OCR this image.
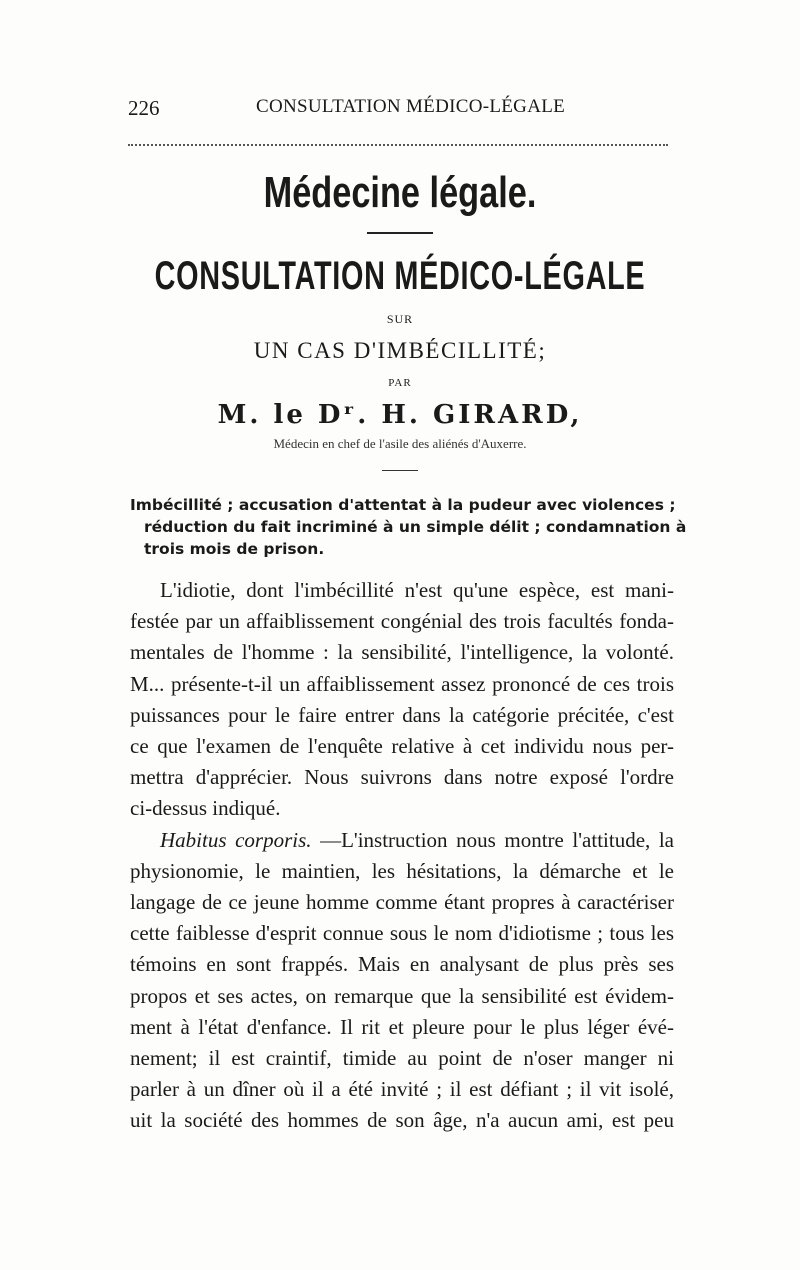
226	CONSULTATION MÉDICO-LÉGALE
Médecine légale.
CONSULTATION MÉDICO-LÉGALE
SUR
UN CAS D'IMBÉCILLITÉ;
PAR
M. le Dʳ. H. GIRARD,
Médecin en chef de l'asile des aliénés d'Auxerre.
Imbécillité ; accusation d'attentat à la pudeur avec violences ;
réduction du fait incriminé à un simple délit ; condamnation à
trois mois de prison.
L'idiotie, dont l'imbécillité n'est qu'une espèce, est mani-
festée par un affaiblissement congénial des trois facultés fonda-
mentales de l'homme : la sensibilité, l'intelligence, la volonté.
M... présente-t-il un affaiblissement assez prononcé de ces trois
puissances pour le faire entrer dans la catégorie précitée, c'est
ce que l'examen de l'enquête relative à cet individu nous per-
mettra d'apprécier. Nous suivrons dans notre exposé l'ordre
ci-dessus indiqué.
Habitus corporis. —L'instruction nous montre l'attitude, la
physionomie, le maintien, les hésitations, la démarche et le
langage de ce jeune homme comme étant propres à caractériser
cette faiblesse d'esprit connue sous le nom d'idiotisme ; tous les
témoins en sont frappés. Mais en analysant de plus près ses
propos et ses actes, on remarque que la sensibilité est évidem-
ment à l'état d'enfance. Il rit et pleure pour le plus léger évé-
nement; il est craintif, timide au point de n'oser manger ni
parler à un dîner où il a été invité ; il est défiant ; il vit isolé,
uit la société des hommes de son âge, n'a aucun ami, est peu
